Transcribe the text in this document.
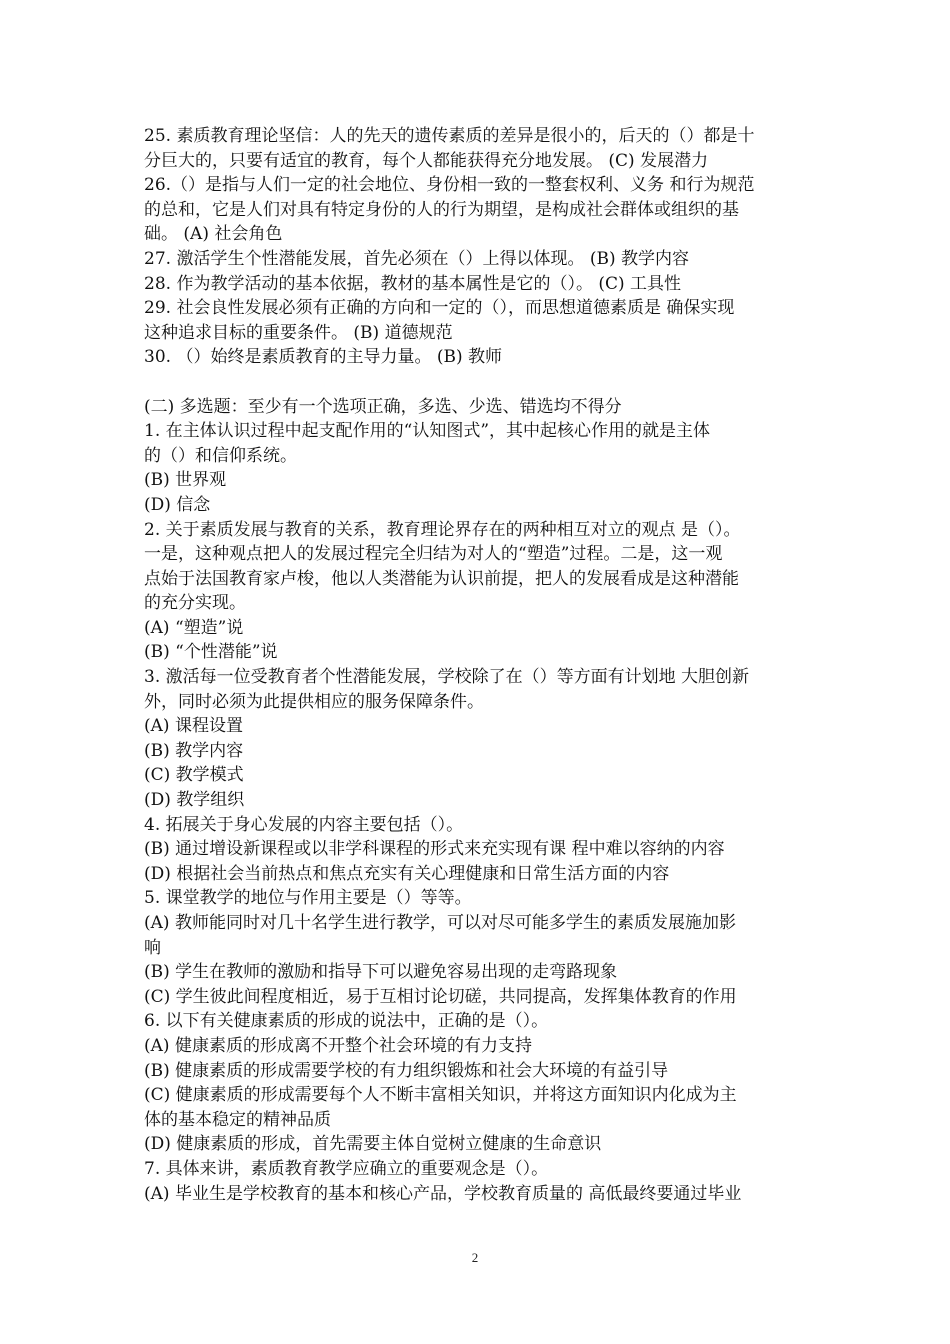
25. 素质教育理论坚信：人的先天的遗传素质的差异是很小的，后天的（）都是十
分巨大的，只要有适宜的教育，每个人都能获得充分地发展。 (C) 发展潜力
26.（）是指与人们一定的社会地位、身份相一致的一整套权利、义务 和行为规范
的总和，它是人们对具有特定身份的人的行为期望，是构成社会群体或组织的基
础。 (A) 社会角色
27. 激活学生个性潜能发展，首先必须在（）上得以体现。 (B) 教学内容
28. 作为教学活动的基本依据，教材的基本属性是它的（）。 (C) 工具性
29. 社会良性发展必须有正确的方向和一定的（），而思想道德素质是 确保实现
这种追求目标的重要条件。 (B) 道德规范
30. （）始终是素质教育的主导力量。 (B) 教师
(二) 多选题：至少有一个选项正确，多选、少选、错选均不得分
1. 在主体认识过程中起支配作用的“认知图式”，其中起核心作用的就是主体
的（）和信仰系统。
(B) 世界观
(D) 信念
2. 关于素质发展与教育的关系，教育理论界存在的两种相互对立的观点 是（）。
一是，这种观点把人的发展过程完全归结为对人的“塑造”过程。二是，这一观
点始于法国教育家卢梭，他以人类潜能为认识前提，把人的发展看成是这种潜能
的充分实现。
(A) “塑造”说
(B) “个性潜能”说
3. 激活每一位受教育者个性潜能发展，学校除了在（）等方面有计划地 大胆创新
外，同时必须为此提供相应的服务保障条件。
(A) 课程设置
(B) 教学内容
(C) 教学模式
(D) 教学组织
4. 拓展关于身心发展的内容主要包括（）。
(B) 通过增设新课程或以非学科课程的形式来充实现有课 程中难以容纳的内容
(D) 根据社会当前热点和焦点充实有关心理健康和日常生活方面的内容
5. 课堂教学的地位与作用主要是（）等等。
(A) 教师能同时对几十名学生进行教学，可以对尽可能多学生的素质发展施加影
响
(B) 学生在教师的激励和指导下可以避免容易出现的走弯路现象
(C) 学生彼此间程度相近，易于互相讨论切磋，共同提高，发挥集体教育的作用
6. 以下有关健康素质的形成的说法中，正确的是（）。
(A) 健康素质的形成离不开整个社会环境的有力支持
(B) 健康素质的形成需要学校的有力组织锻炼和社会大环境的有益引导
(C) 健康素质的形成需要每个人不断丰富相关知识，并将这方面知识内化成为主
体的基本稳定的精神品质
(D) 健康素质的形成，首先需要主体自觉树立健康的生命意识
7. 具体来讲，素质教育教学应确立的重要观念是（）。
(A) 毕业生是学校教育的基本和核心产品，学校教育质量的 高低最终要通过毕业
2
